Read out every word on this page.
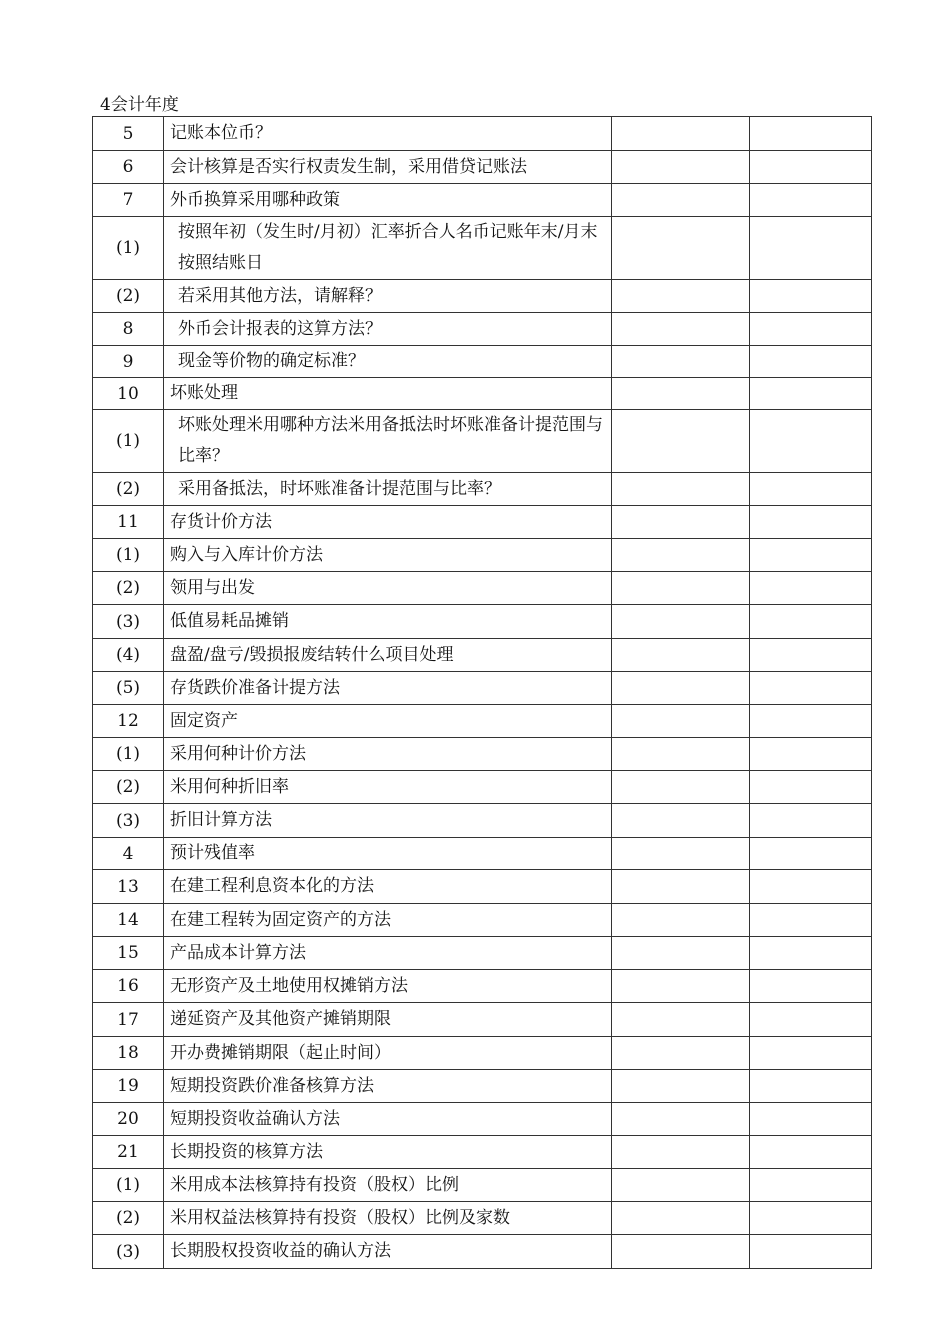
4会计年度
5	记账本位币？		
6	会计核算是否实行权责发生制，采用借贷记账法		
7	外币换算采用哪种政策		
(1)	按照年初（发生时/月初）汇率折合人名币记账年末/月末按照结账日		
(2)	若采用其他方法，请解释？		
8	外币会计报表的这算方法？		
9	现金等价物的确定标准？		
10	坏账处理		
(1)	坏账处理米用哪种方法米用备抵法时坏账准备计提范围与比率？		
(2)	采用备抵法，时坏账准备计提范围与比率？		
11	存货计价方法		
(1)	购入与入库计价方法		
(2)	领用与出发		
(3)	低值易耗品摊销		
(4)	盘盈/盘亏/毁损报废结转什么项目处理		
(5)	存货跌价准备计提方法		
12	固定资产		
(1)	采用何种计价方法		
(2)	米用何种折旧率		
(3)	折旧计算方法		
4	预计残值率		
13	在建工程利息资本化的方法		
14	在建工程转为固定资产的方法		
15	产品成本计算方法		
16	无形资产及土地使用权摊销方法		
17	递延资产及其他资产摊销期限		
18	开办费摊销期限（起止时间）		
19	短期投资跌价准备核算方法		
20	短期投资收益确认方法		
21	长期投资的核算方法		
(1)	米用成本法核算持有投资（股权）比例		
(2)	米用权益法核算持有投资（股权）比例及家数		
(3)	长期股权投资收益的确认方法		
